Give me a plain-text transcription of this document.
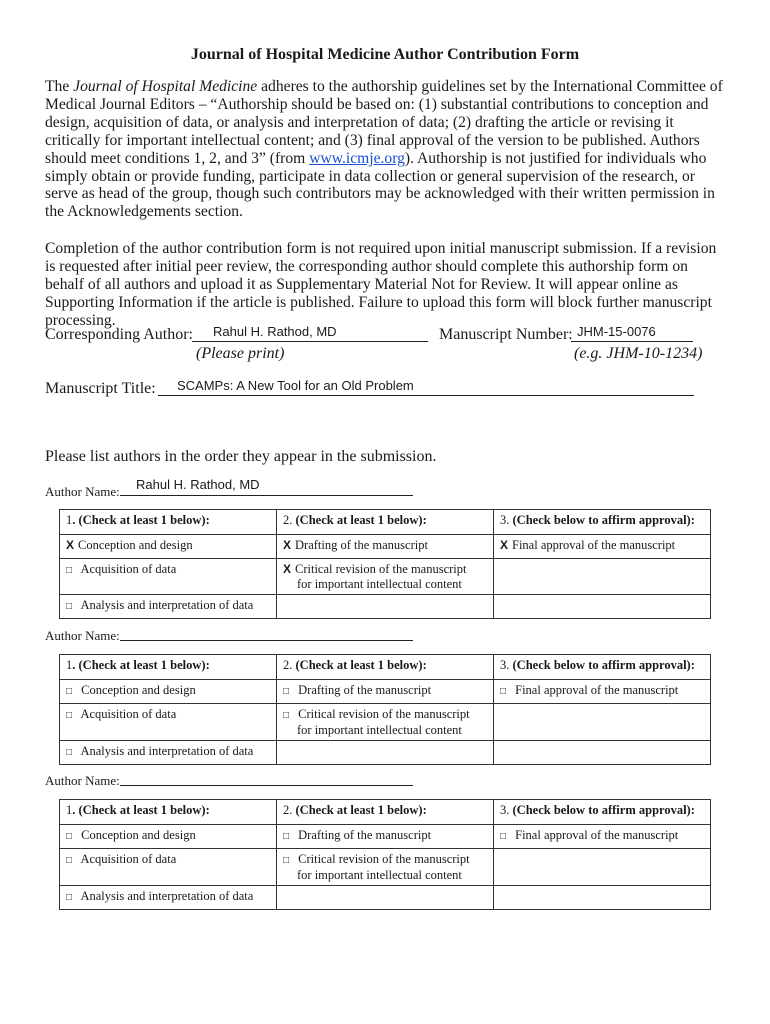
Journal of Hospital Medicine Author Contribution Form
The Journal of Hospital Medicine adheres to the authorship guidelines set by the International Committee of Medical Journal Editors – “Authorship should be based on: (1) substantial contributions to conception and design, acquisition of data, or analysis and interpretation of data; (2) drafting the article or revising it critically for important intellectual content; and (3) final approval of the version to be published. Authors should meet conditions 1, 2, and 3” (from www.icmje.org). Authorship is not justified for individuals who simply obtain or provide funding, participate in data collection or general supervision of the research, or serve as head of the group, though such contributors may be acknowledged with their written permission in the Acknowledgements section.
Completion of the author contribution form is not required upon initial manuscript submission. If a revision is requested after initial peer review, the corresponding author should complete this authorship form on behalf of all authors and upload it as Supplementary Material Not for Review. It will appear online as Supporting Information if the article is published. Failure to upload this form will block further manuscript processing.
Corresponding Author: Rahul H. Rathod, MD
(Please print)
Manuscript Number: JHM-15-0076
(e.g. JHM-10-1234)
Manuscript Title: SCAMPs: A New Tool for an Old Problem
Please list authors in the order they appear in the submission.
Author Name: Rahul H. Rathod, MD
1. (Check at least 1 below):	2. (Check at least 1 below):	3. (Check below to affirm approval):
X Conception and design	X Drafting of the manuscript	X Final approval of the manuscript
□ Acquisition of data	X Critical revision of the manuscript
for important intellectual content	

□ Analysis and interpretation of data		
Author Name:
1. (Check at least 1 below):	2. (Check at least 1 below):	3. (Check below to affirm approval):
□ Conception and design	□ Drafting of the manuscript	□ Final approval of the manuscript
□ Acquisition of data	□ Critical revision of the manuscript
for important intellectual content	

□ Analysis and interpretation of data		
Author Name:
1. (Check at least 1 below):	2. (Check at least 1 below):	3. (Check below to affirm approval):
□ Conception and design	□ Drafting of the manuscript	□ Final approval of the manuscript
□ Acquisition of data	□ Critical revision of the manuscript
for important intellectual content	

□ Analysis and interpretation of data		
